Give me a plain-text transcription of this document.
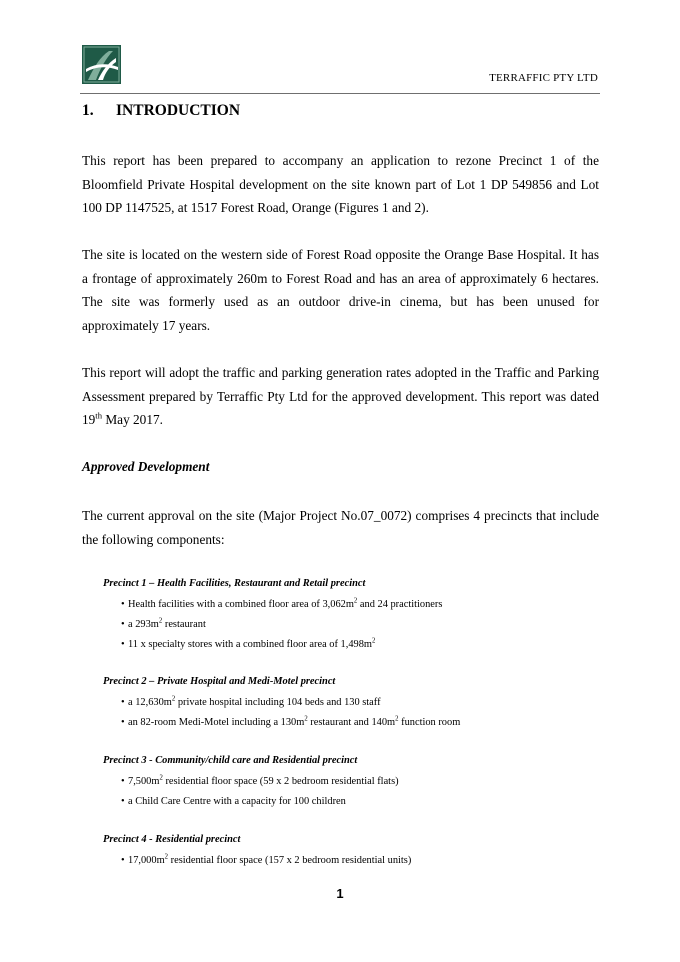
TERRAFFIC PTY LTD
1. INTRODUCTION

This report has been prepared to accompany an application to rezone Precinct 1 of the Bloomfield Private Hospital development on the site known part of Lot 1 DP 549856 and Lot 100 DP 1147525, at 1517 Forest Road, Orange (Figures 1 and 2).

The site is located on the western side of Forest Road opposite the Orange Base Hospital. It has a frontage of approximately 260m to Forest Road and has an area of approximately 6 hectares. The site was formerly used as an outdoor drive-in cinema, but has been unused for approximately 17 years.

This report will adopt the traffic and parking generation rates adopted in the Traffic and Parking Assessment prepared by Terraffic Pty Ltd for the approved development. This report was dated 19th May 2017.

Approved Development

The current approval on the site (Major Project No.07_0072) comprises 4 precincts that include the following components:

Precinct 1 – Health Facilities, Restaurant and Retail precinct
• Health facilities with a combined floor area of $3,062m^2$ and 24 practitioners
• a $293m^2$ restaurant
• 11 x specialty stores with a combined floor area of $1,498m^2$
Precinct 2 – Private Hospital and Medi-Motel precinct
• a $12,630m^2$ private hospital including 104 beds and 130 staff
• an 82-room Medi-Motel including a $130m^2$ restaurant and $140m^2$ function room
Precinct 3 - Community/child care and Residential precinct
• $7,500m^2$ residential floor space (59 x 2 bedroom residential flats)
• a Child Care Centre with a capacity for 100 children
Precinct 4 - Residential precinct
• $17,000m^2$ residential floor space (157 x 2 bedroom residential units)
1
